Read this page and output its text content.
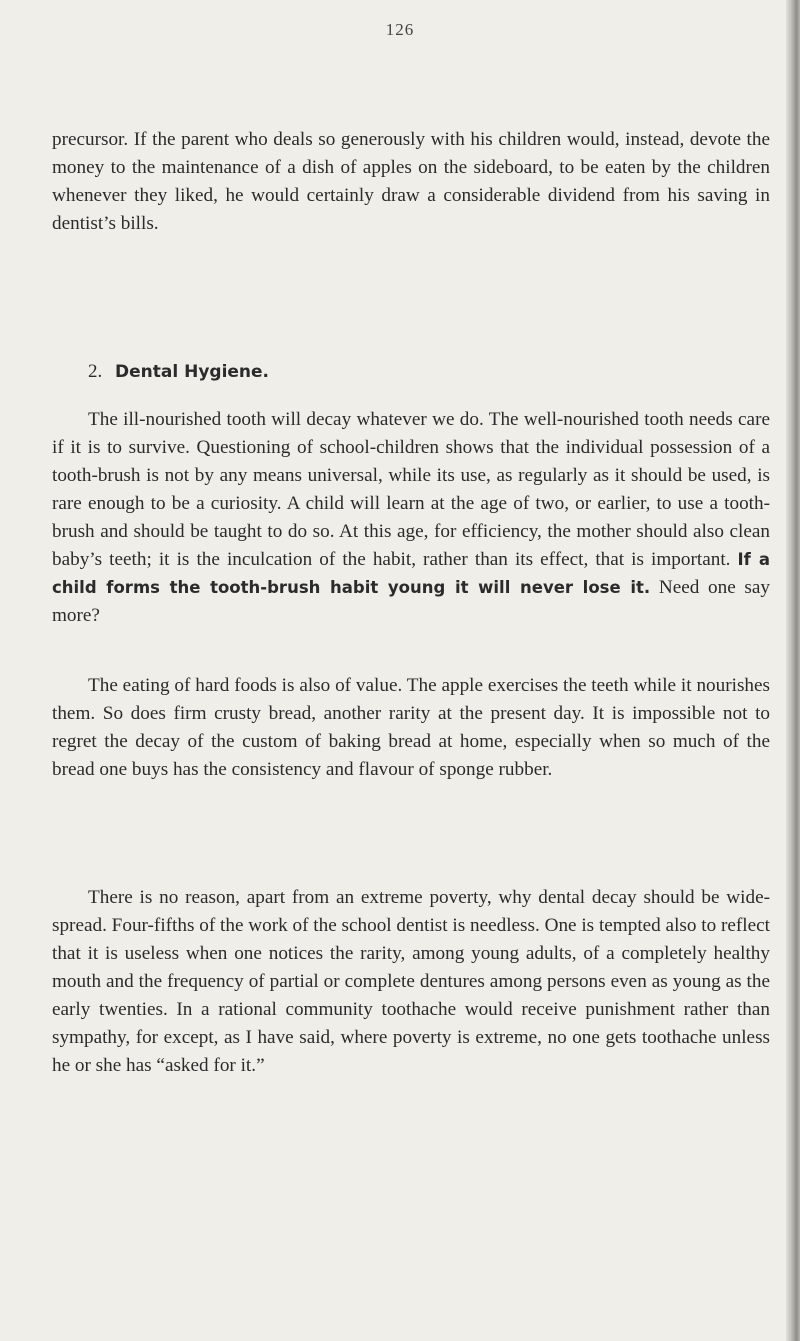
126

precursor. If the parent who deals so generously with his children would, instead, devote the money to the maintenance of a dish of apples on the sideboard, to be eaten by the children whenever they liked, he would certainly draw a considerable dividend from his saving in dentist’s bills.

2. Dental Hygiene.

The ill-nourished tooth will decay whatever we do. The well-nourished tooth needs care if it is to survive. Questioning of school-children shows that the individual possession of a tooth-brush is not by any means universal, while its use, as regularly as it should be used, is rare enough to be a curiosity. A child will learn at the age of two, or earlier, to use a tooth-brush and should be taught to do so. At this age, for efficiency, the mother should also clean baby’s teeth; it is the inculcation of the habit, rather than its effect, that is important. If a child forms the tooth-brush habit young it will never lose it. Need one say more?

The eating of hard foods is also of value. The apple exercises the teeth while it nourishes them. So does firm crusty bread, another rarity at the present day. It is impossible not to regret the decay of the custom of baking bread at home, especially when so much of the bread one buys has the consistency and flavour of sponge rubber.

There is no reason, apart from an extreme poverty, why dental decay should be wide-spread. Four-fifths of the work of the school dentist is needless. One is tempted also to reflect that it is useless when one notices the rarity, among young adults, of a completely healthy mouth and the frequency of partial or complete dentures among persons even as young as the early twenties. In a rational community toothache would receive punishment rather than sympathy, for except, as I have said, where poverty is extreme, no one gets toothache unless he or she has “asked for it.”
